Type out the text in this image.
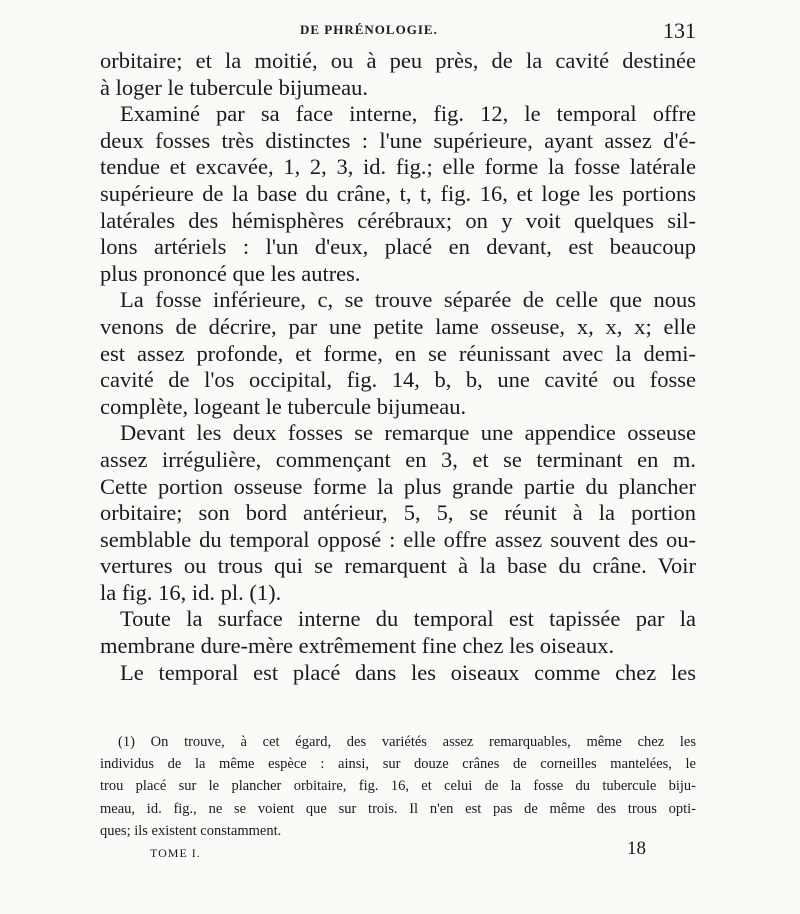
DE PHRÉNOLOGIE.	131

orbitaire; et la moitié, ou à peu près, de la cavité destinée
à loger le tubercule bijumeau.

Examiné par sa face interne, fig. 12, le temporal offre
deux fosses très distinctes : l'une supérieure, ayant assez d'é-
tendue et excavée, 1, 2, 3, id. fig.; elle forme la fosse latérale
supérieure de la base du crâne, t, t, fig. 16, et loge les portions
latérales des hémisphères cérébraux; on y voit quelques sil-
lons artériels : l'un d'eux, placé en devant, est beaucoup
plus prononcé que les autres.

La fosse inférieure, c, se trouve séparée de celle que nous
venons de décrire, par une petite lame osseuse, x, x, x; elle
est assez profonde, et forme, en se réunissant avec la demi-
cavité de l'os occipital, fig. 14, b, b, une cavité ou fosse
complète, logeant le tubercule bijumeau.

Devant les deux fosses se remarque une appendice osseuse
assez irrégulière, commençant en 3, et se terminant en m.
Cette portion osseuse forme la plus grande partie du plancher
orbitaire; son bord antérieur, 5, 5, se réunit à la portion
semblable du temporal opposé : elle offre assez souvent des ou-
vertures ou trous qui se remarquent à la base du crâne. Voir
la fig. 16, id. pl. (1).

Toute la surface interne du temporal est tapissée par la
membrane dure-mère extrêmement fine chez les oiseaux.

Le temporal est placé dans les oiseaux comme chez les

(1) On trouve, à cet égard, des variétés assez remarquables, même chez les
individus de la même espèce : ainsi, sur douze crânes de corneilles mantelées, le
trou placé sur le plancher orbitaire, fig. 16, et celui de la fosse du tubercule biju-
meau, id. fig., ne se voient que sur trois. Il n'en est pas de même des trous opti-
ques; ils existent constamment.
TOME I.	18
